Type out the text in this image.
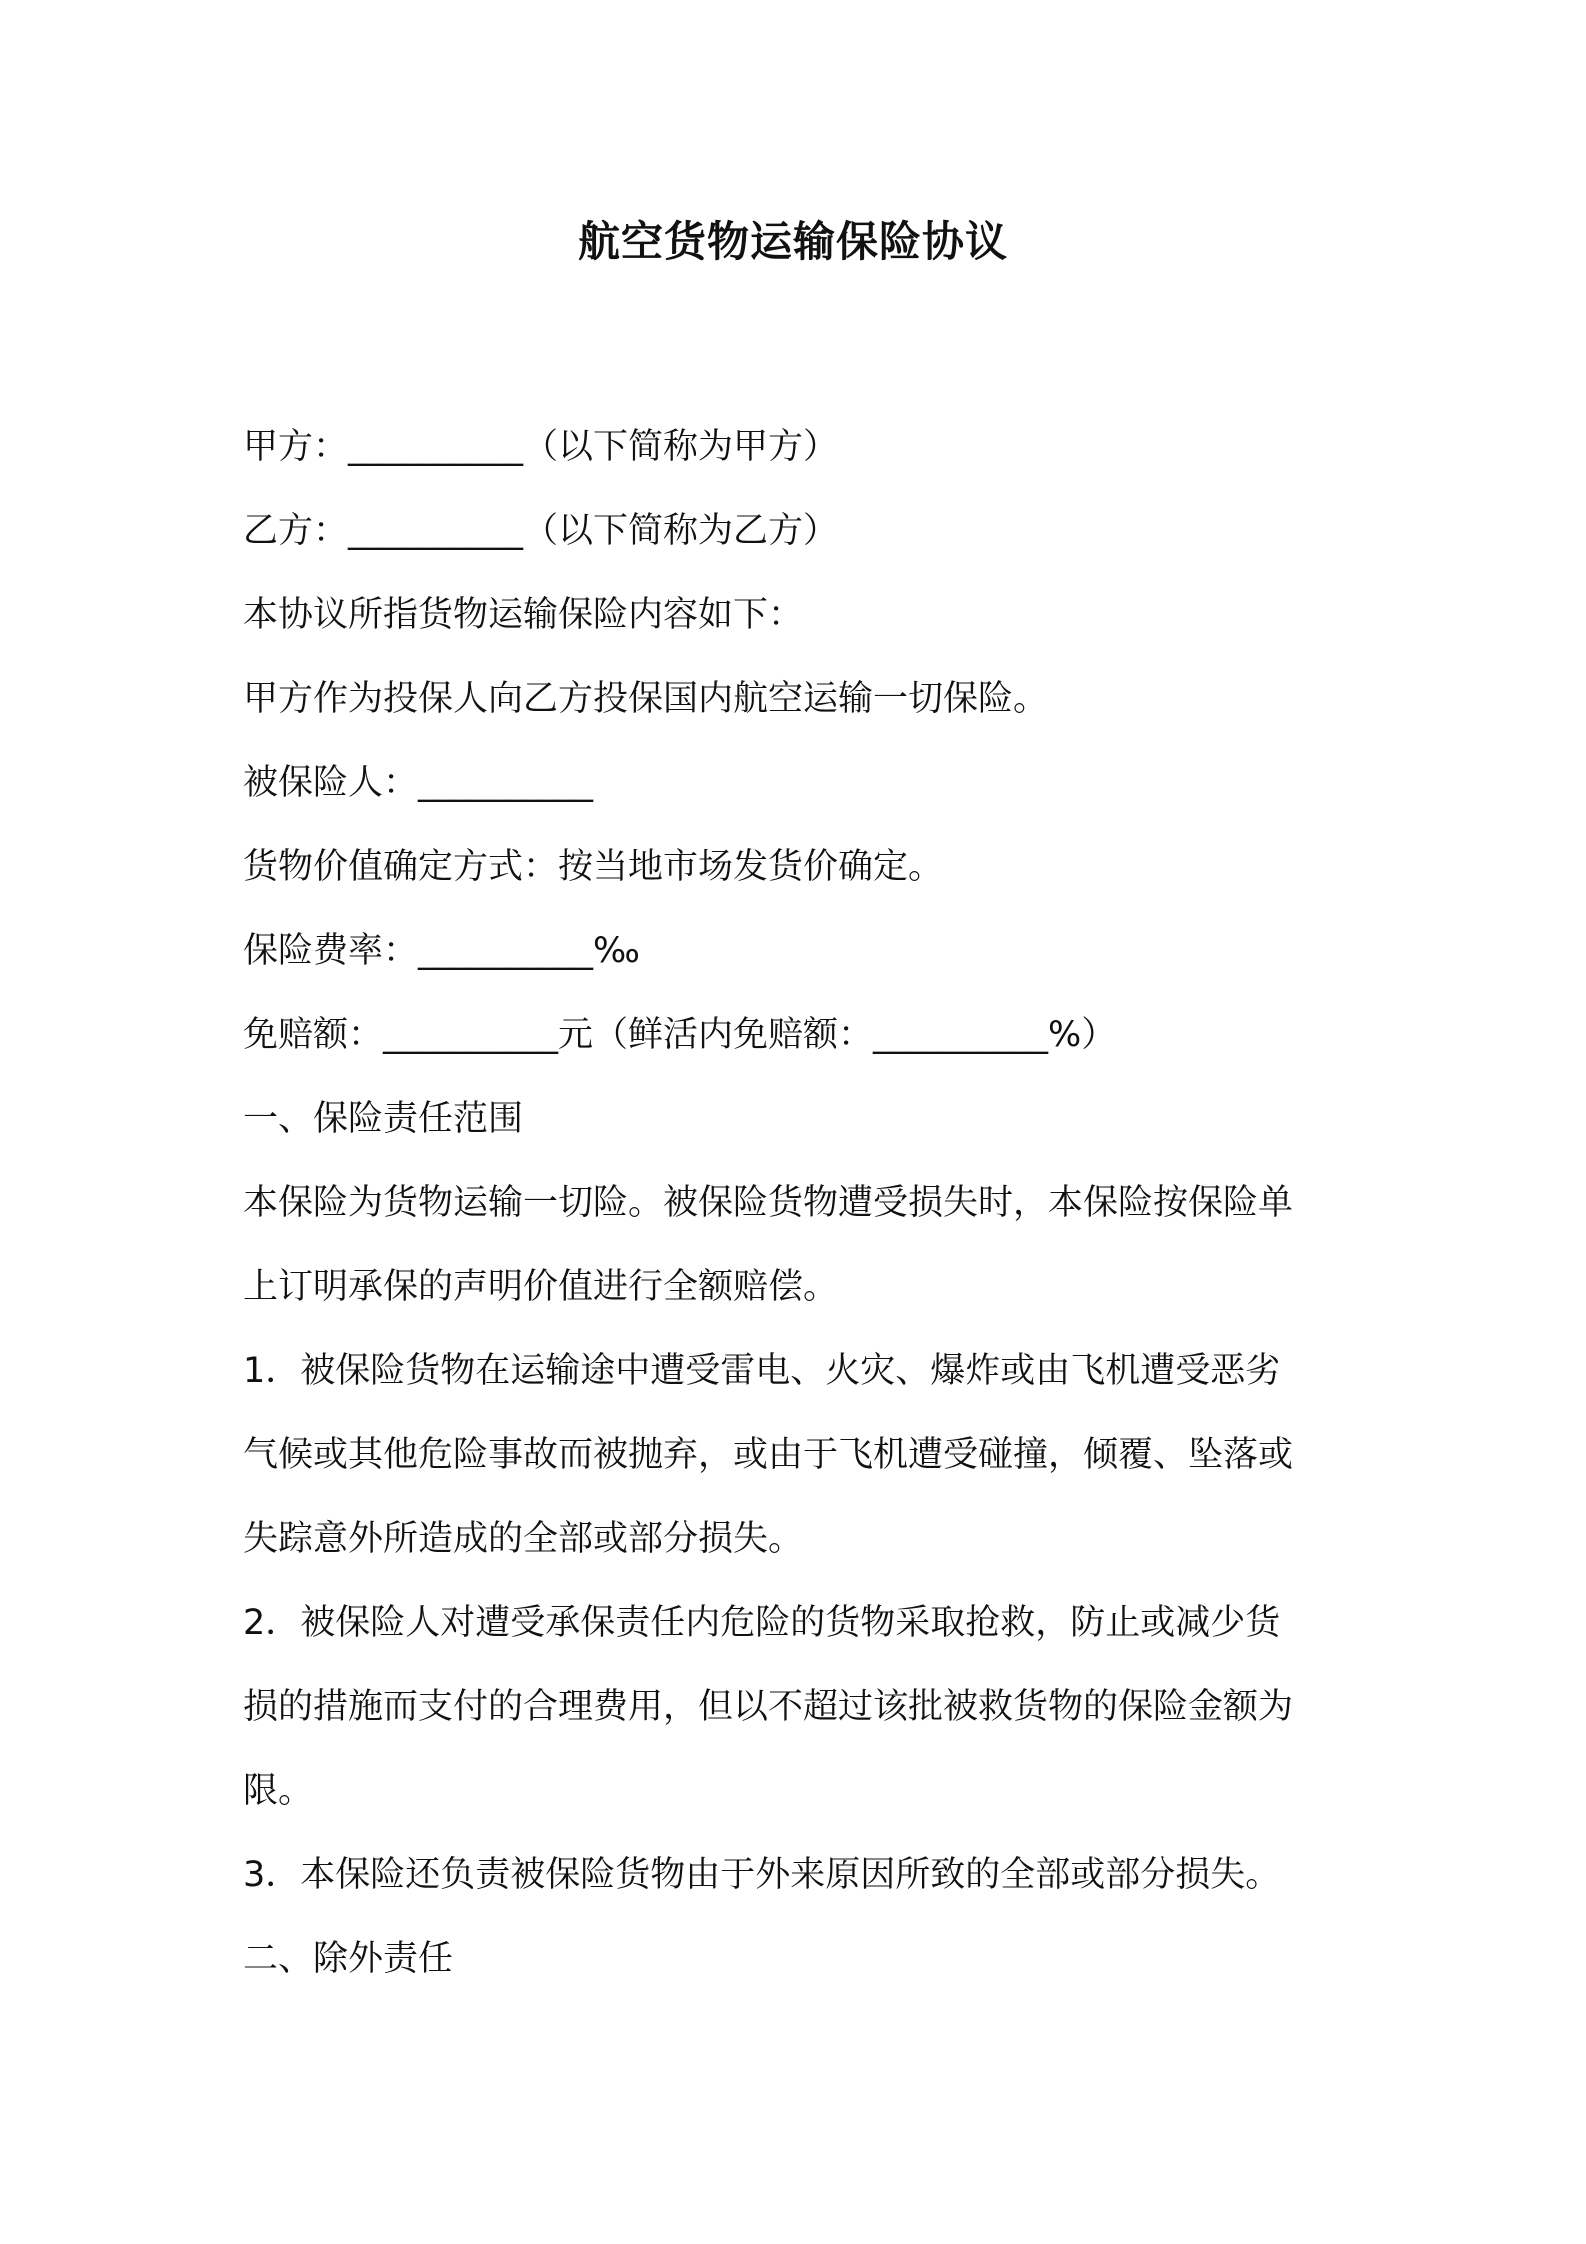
航空货物运输保险协议
甲方：__________（以下简称为甲方）
乙方：__________（以下简称为乙方）
本协议所指货物运输保险内容如下：
甲方作为投保人向乙方投保国内航空运输一切保险。
被保险人：__________
货物价值确定方式：按当地市场发货价确定。
保险费率：__________‰
免赔额：__________元（鲜活内免赔额：__________%）
一、保险责任范围
本保险为货物运输一切险。被保险货物遭受损失时，本保险按保险单
上订明承保的声明价值进行全额赔偿。
1．被保险货物在运输途中遭受雷电、火灾、爆炸或由飞机遭受恶劣
气候或其他危险事故而被抛弃，或由于飞机遭受碰撞，倾覆、坠落或
失踪意外所造成的全部或部分损失。
2．被保险人对遭受承保责任内危险的货物采取抢救，防止或减少货
损的措施而支付的合理费用，但以不超过该批被救货物的保险金额为
限。
3．本保险还负责被保险货物由于外来原因所致的全部或部分损失。
二、除外责任
